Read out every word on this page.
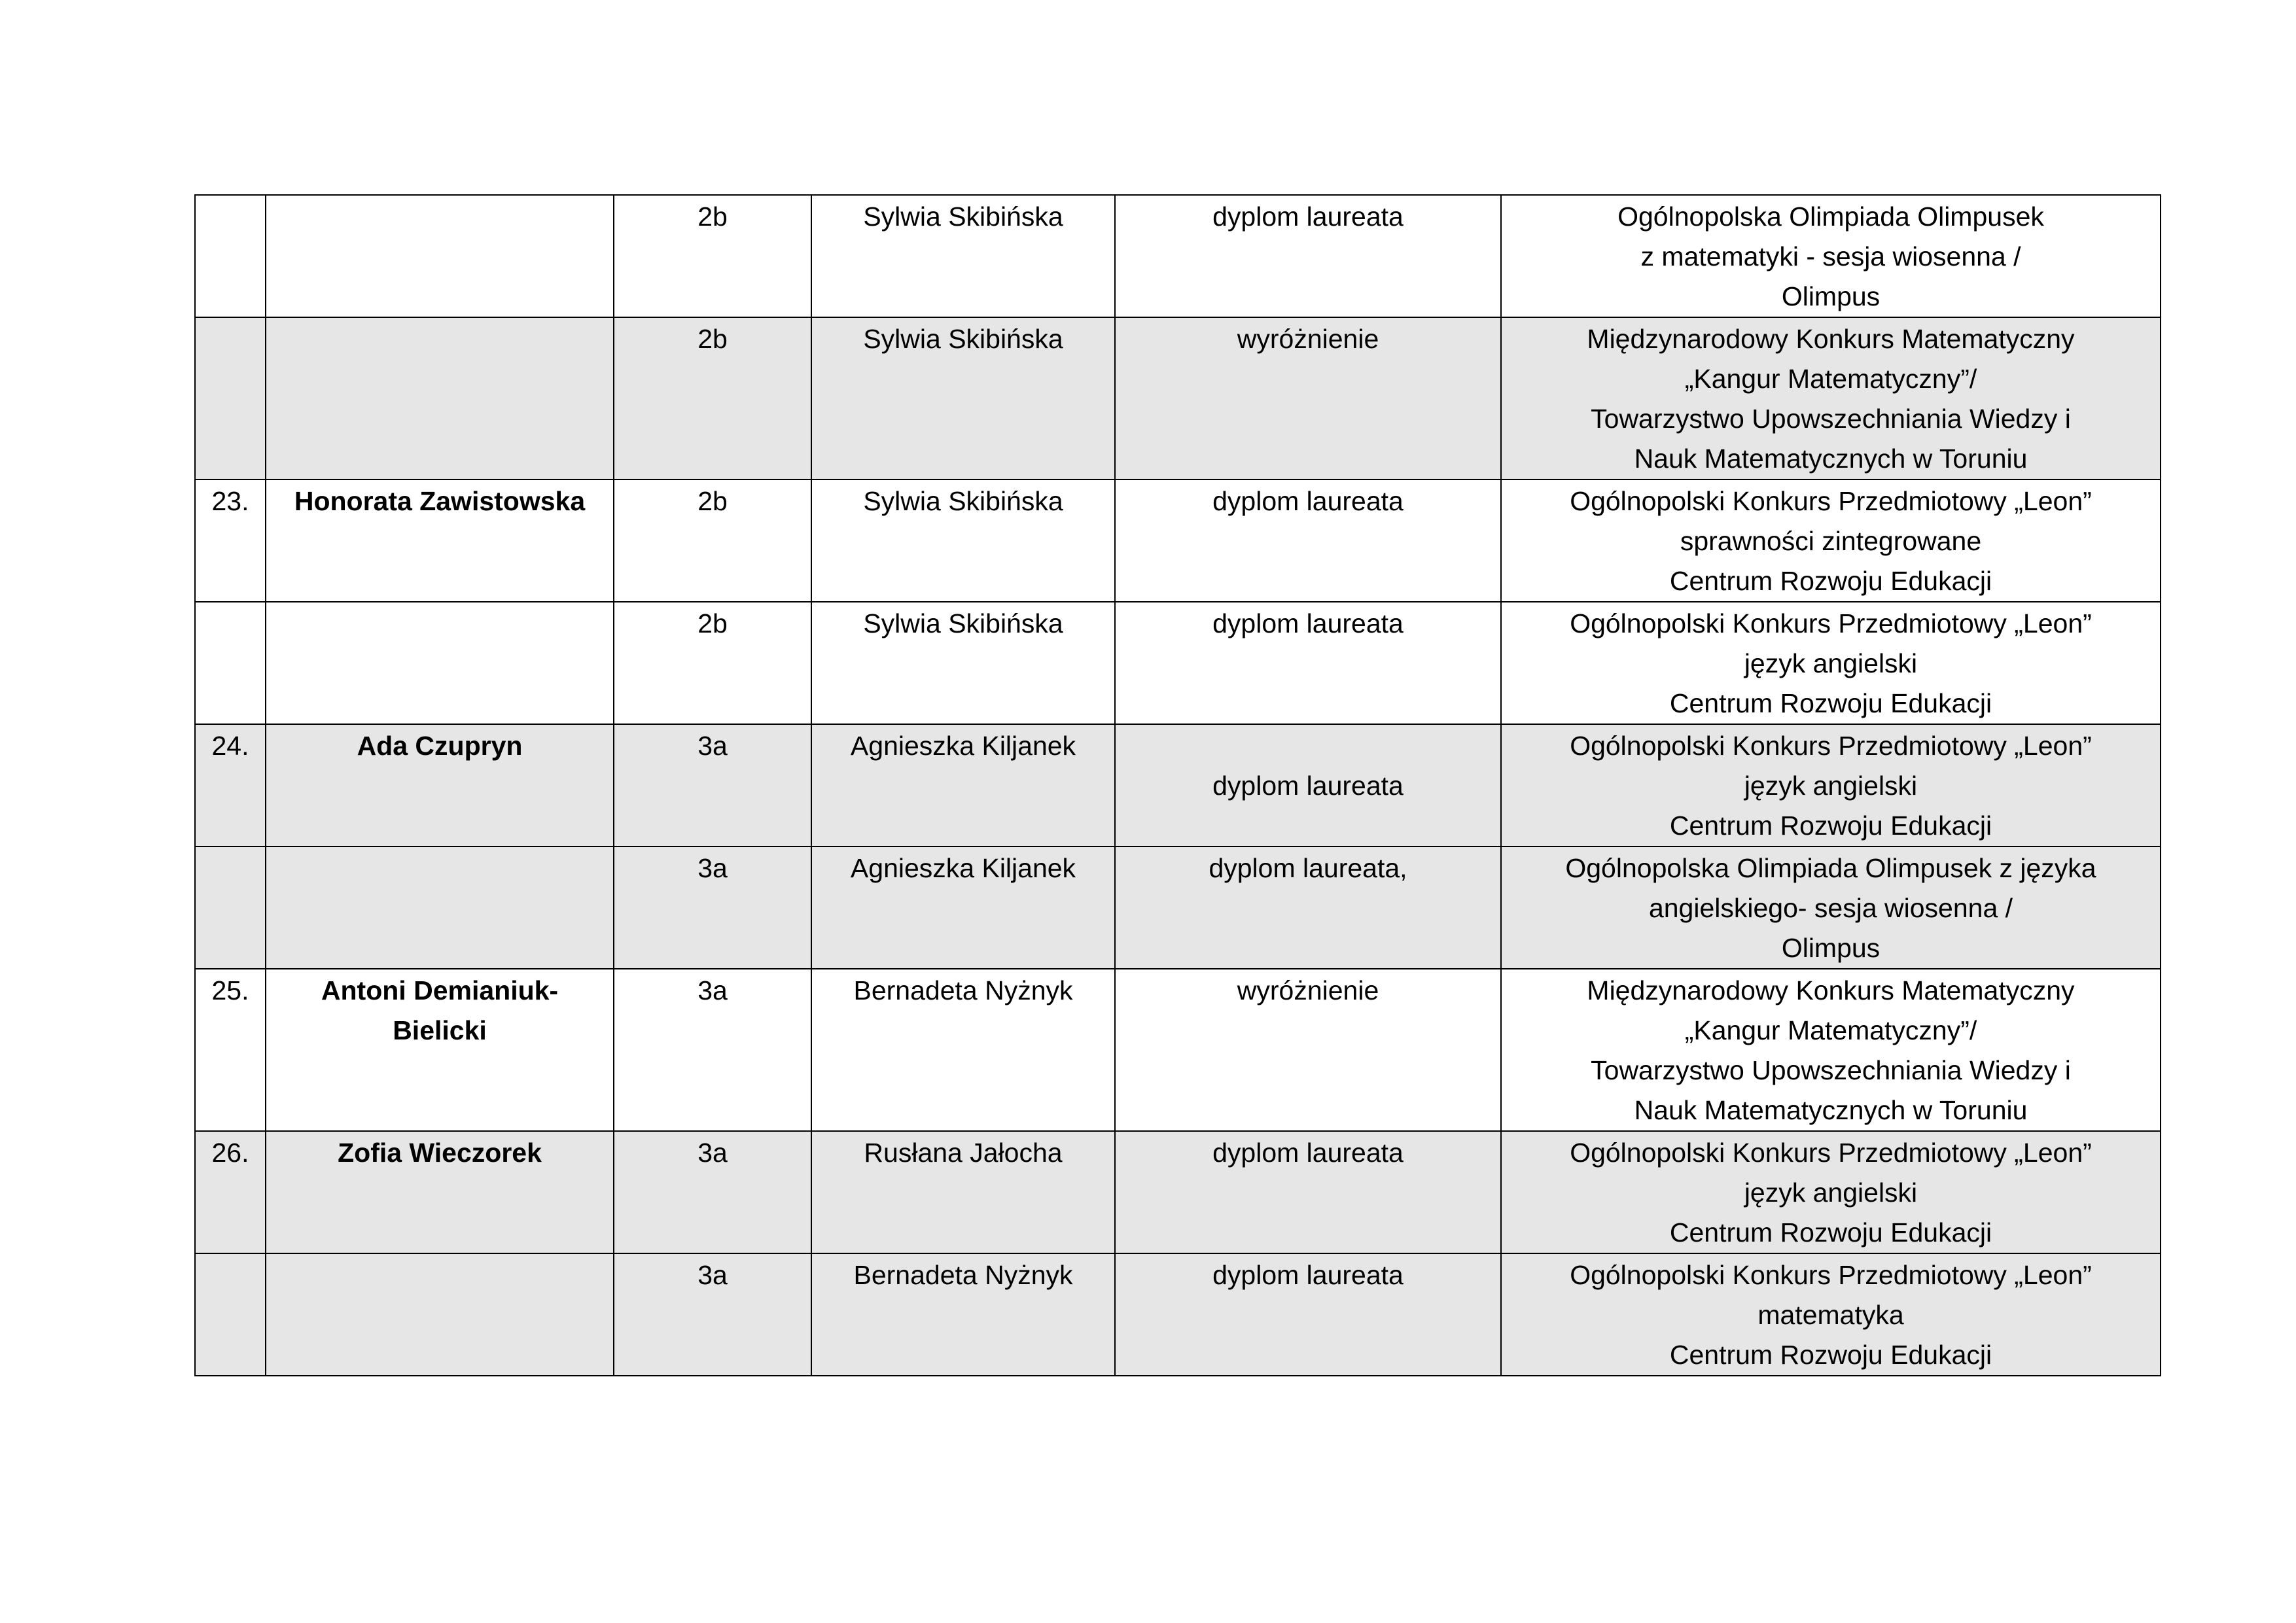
		2b	Sylwia Skibińska	dyplom laureata	Ogólnopolska Olimpiada Olimpusek
z matematyki - sesja wiosenna /
Olimpus
		2b	Sylwia Skibińska	wyróżnienie	Międzynarodowy Konkurs Matematyczny
„Kangur Matematyczny”/
Towarzystwo Upowszechniania Wiedzy i
Nauk Matematycznych w Toruniu
23.	Honorata Zawistowska	2b	Sylwia Skibińska	dyplom laureata	Ogólnopolski Konkurs Przedmiotowy „Leon”
sprawności zintegrowane
Centrum Rozwoju Edukacji
		2b	Sylwia Skibińska	dyplom laureata	Ogólnopolski Konkurs Przedmiotowy „Leon”
język angielski
Centrum Rozwoju Edukacji
24.	Ada Czupryn	3a	Agnieszka Kiljanek	dyplom laureata	Ogólnopolski Konkurs Przedmiotowy „Leon”
język angielski
Centrum Rozwoju Edukacji
		3a	Agnieszka Kiljanek	dyplom laureata,	Ogólnopolska Olimpiada Olimpusek z języka
angielskiego- sesja wiosenna /
Olimpus
25.	Antoni Demianiuk-
Bielicki	3a	Bernadeta Nyżnyk	wyróżnienie	Międzynarodowy Konkurs Matematyczny
„Kangur Matematyczny”/
Towarzystwo Upowszechniania Wiedzy i
Nauk Matematycznych w Toruniu
26.	Zofia Wieczorek	3a	Rusłana Jałocha	dyplom laureata	Ogólnopolski Konkurs Przedmiotowy „Leon”
język angielski
Centrum Rozwoju Edukacji
		3a	Bernadeta Nyżnyk	dyplom laureata	Ogólnopolski Konkurs Przedmiotowy „Leon”
matematyka
Centrum Rozwoju Edukacji
